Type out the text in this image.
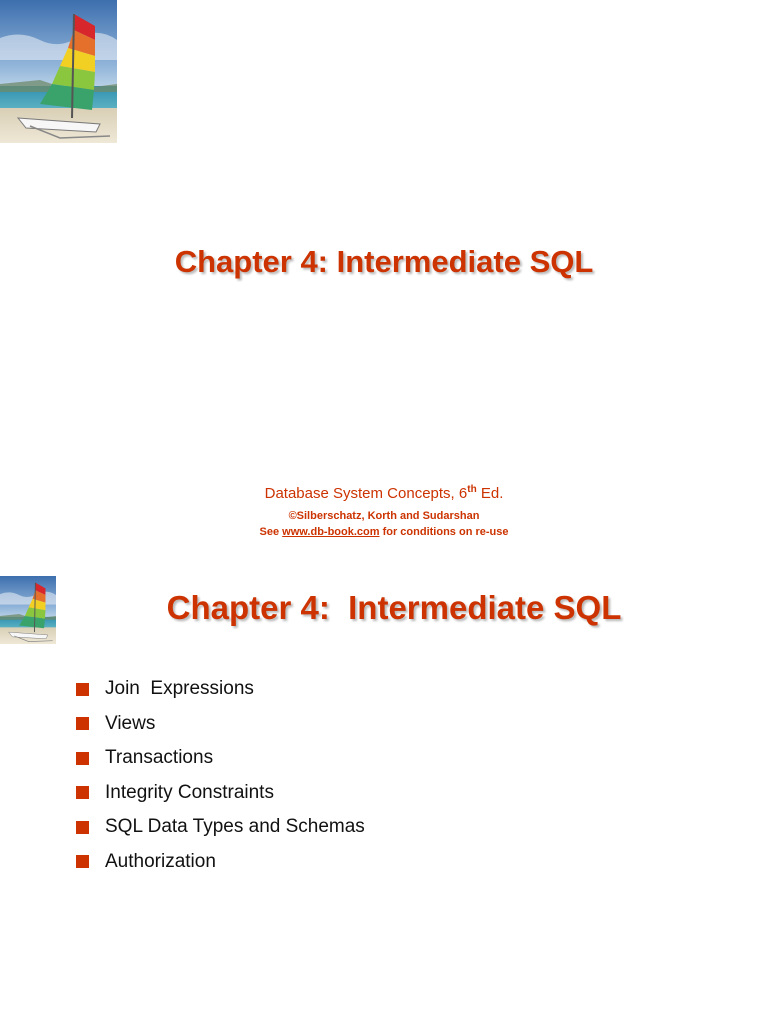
Chapter 4: Intermediate SQL
Database System Concepts, 6th Ed.
©Silberschatz, Korth and Sudarshan
See www.db-book.com for conditions on re-use
Chapter 4:  Intermediate SQL
Join  Expressions
Views
Transactions
Integrity Constraints
SQL Data Types and Schemas
Authorization
